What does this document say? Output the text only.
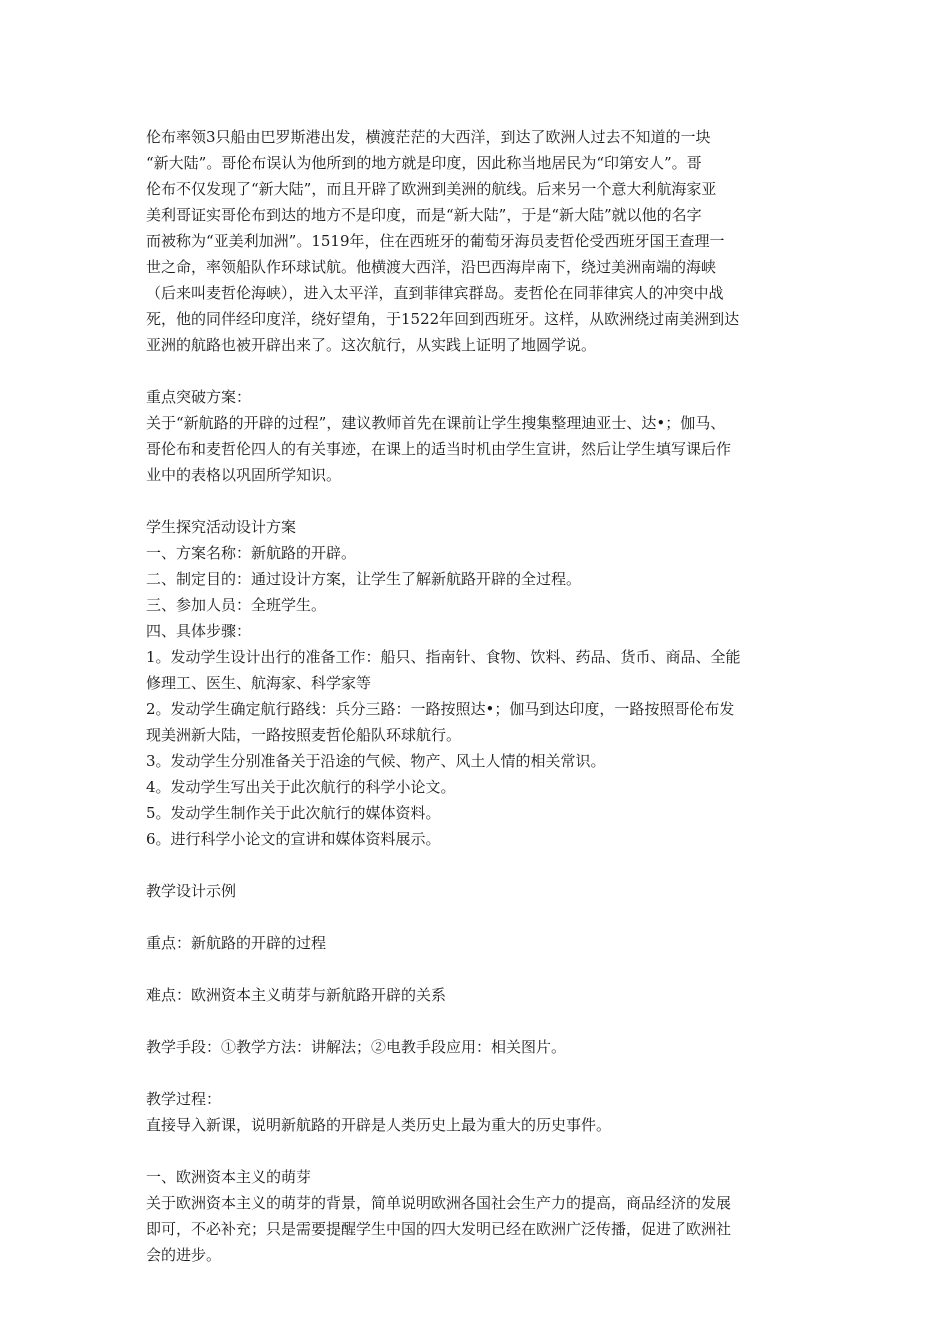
伦布率领3只船由巴罗斯港出发，横渡茫茫的大西洋，到达了欧洲人过去不知道的一块
“新大陆”。哥伦布误认为他所到的地方就是印度，因此称当地居民为“印第安人”。哥
伦布不仅发现了“新大陆”，而且开辟了欧洲到美洲的航线。后来另一个意大利航海家亚
美利哥证实哥伦布到达的地方不是印度，而是“新大陆”，于是“新大陆”就以他的名字
而被称为“亚美利加洲”。1519年，住在西班牙的葡萄牙海员麦哲伦受西班牙国王查理一
世之命，率领船队作环球试航。他横渡大西洋，沿巴西海岸南下，绕过美洲南端的海峡
（后来叫麦哲伦海峡），进入太平洋，直到菲律宾群岛。麦哲伦在同菲律宾人的冲突中战
死，他的同伴经印度洋，绕好望角，于1522年回到西班牙。这样，从欧洲绕过南美洲到达
亚洲的航路也被开辟出来了。这次航行，从实践上证明了地圆学说。
重点突破方案：
关于“新航路的开辟的过程”，建议教师首先在课前让学生搜集整理迪亚士、达•；伽马、
哥伦布和麦哲伦四人的有关事迹，在课上的适当时机由学生宣讲，然后让学生填写课后作
业中的表格以巩固所学知识。
学生探究活动设计方案
一、方案名称：新航路的开辟。
二、制定目的：通过设计方案，让学生了解新航路开辟的全过程。
三、参加人员：全班学生。
四、具体步骤：
1。发动学生设计出行的准备工作：船只、指南针、食物、饮料、药品、货币、商品、全能
修理工、医生、航海家、科学家等
2。发动学生确定航行路线：兵分三路：一路按照达•；伽马到达印度，一路按照哥伦布发
现美洲新大陆，一路按照麦哲伦船队环球航行。
3。发动学生分别准备关于沿途的气候、物产、风土人情的相关常识。
4。发动学生写出关于此次航行的科学小论文。
5。发动学生制作关于此次航行的媒体资料。
6。进行科学小论文的宣讲和媒体资料展示。
教学设计示例
重点：新航路的开辟的过程
难点：欧洲资本主义萌芽与新航路开辟的关系
教学手段：①教学方法：讲解法；②电教手段应用：相关图片。
教学过程：
直接导入新课，说明新航路的开辟是人类历史上最为重大的历史事件。
一、欧洲资本主义的萌芽
关于欧洲资本主义的萌芽的背景，简单说明欧洲各国社会生产力的提高，商品经济的发展
即可，不必补充；只是需要提醒学生中国的四大发明已经在欧洲广泛传播，促进了欧洲社
会的进步。
